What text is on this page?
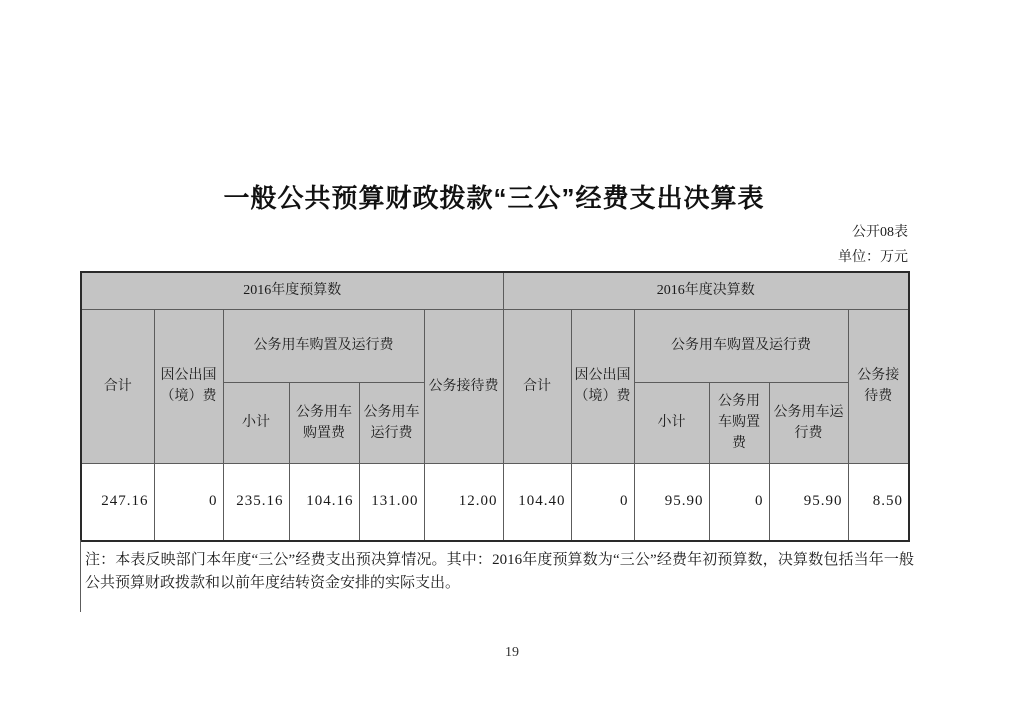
一般公共预算财政拨款“三公”经费支出决算表
公开08表
单位：万元
2016年度预算数						2016年度决算数					
合计	因公出国（境）费	公务用车购置及运行费			公务接待费	合计	因公出国（境）费	公务用车购置及运行费			公务接待费
		小计	公务用车购置费	公务用车运行费				小计	公务用车购置费	公务用车运行费	
247.16	0	235.16	104.16	131.00	12.00	104.40	0	95.90	0	95.90	8.50
注：本表反映部门本年度“三公”经费支出预决算情况。其中：2016年度预算数为“三公”经费年初预算数，决算数包括当年一般公共预算财政拨款和以前年度结转资金安排的实际支出。
19
